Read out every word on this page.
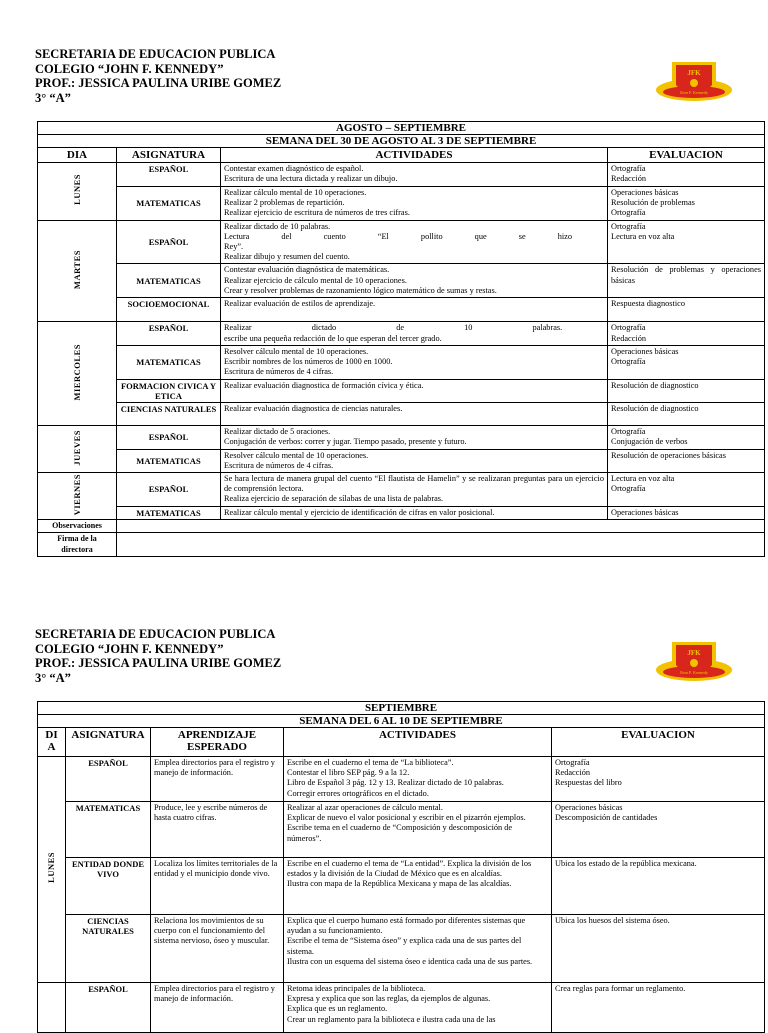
SECRETARIA DE EDUCACION PUBLICA
COLEGIO “JOHN F. KENNEDY”
PROF.: JESSICA PAULINA URIBE GOMEZ
3° “A”
JFK
Jhon F. Kennedy
AGOSTO – SEPTIEMBRE			
SEMANA DEL 30 DE AGOSTO AL 3 DE SEPTIEMBRE			
DIA	ASIGNATURA	ACTIVIDADES	EVALUACION
LUNES	ESPAÑOL	Contestar examen diagnóstico de español.
Escritura de una lectura dictada y realizar un dibujo.	Ortografía
Redacción

	MATEMATICAS	Realizar cálculo mental de 10 operaciones.
Realizar 2 problemas de repartición.
Realizar ejercicio de escritura de números de tres cifras.	Operaciones básicas
Resolución de problemas
Ortografía

MARTES	ESPAÑOL	Realizar dictado de 10 palabras.
Lectura del cuento “El pollito que se hizo Rey”.
Realizar dibujo y resumen del cuento.	Ortografía
Lectura en voz alta

	MATEMATICAS	Contestar evaluación diagnóstica de matemáticas.
Realizar ejercicio de cálculo mental de 10 operaciones.
Crear y resolver problemas de razonamiento lógico matemático de sumas y restas.	Resolución de problemas y operaciones básicas
	SOCIOEMOCIONAL	Realizar evaluación de estilos de aprendizaje.	Respuesta diagnostico
MIERCOLES	ESPAÑOL	Realizar dictado de 10 palabras.
escribe una pequeña redacción de lo que esperan del tercer grado.	Ortografía
Redacción

	MATEMATICAS	Resolver cálculo mental de 10 operaciones.
Escribir nombres de los números de 1000 en 1000.
Escritura de números de 4 cifras.	Operaciones básicas
Ortografía

	FORMACION CIVICA Y ETICA	Realizar evaluación diagnostica de formación cívica y ética.	Resolución de diagnostico
	CIENCIAS NATURALES	Realizar evaluación diagnostica de ciencias naturales.	Resolución de diagnostico
JUEVES	ESPAÑOL	Realizar dictado de 5 oraciones.
Conjugación de verbos: correr y jugar. Tiempo pasado, presente y futuro.	Ortografía
Conjugación de verbos

	MATEMATICAS	Resolver cálculo mental de 10 operaciones.
Escritura de números de 4 cifras.	Resolución de operaciones básicas
VIERNES	ESPAÑOL	Se hara lectura de manera grupal del cuento “El flautista de Hamelin” y se realizaran preguntas para un ejercicio de comprensión lectora.
Realiza ejercicio de separación de sílabas de una lista de palabras.	Lectura en voz alta
Ortografía

	MATEMATICAS	Realizar cálculo mental y ejercicio de identificación de cifras en valor posicional.	Operaciones básicas
Observaciones			
Firma de la directora			
SECRETARIA DE EDUCACION PUBLICA
COLEGIO “JOHN F. KENNEDY”
PROF.: JESSICA PAULINA URIBE GOMEZ
3° “A”
JFK
Jhon F. Kennedy
SEPTIEMBRE				
SEMANA DEL 6 AL 10 DE SEPTIEMBRE				
DIA	ASIGNATURA	APRENDIZAJE ESPERADO	ACTIVIDADES	EVALUACION
LUNES	ESPAÑOL	Emplea directorios para el registro y manejo de información.	Escribe en el cuaderno el tema de “La biblioteca”.
Contestar el libro SEP pág. 9 a la 12.
Libro de Español 3 pág. 12 y 13. Realizar dictado de 10 palabras.
Corregir errores ortográficos en el dictado.	Ortografía
Redacción
Respuestas del libro

	MATEMATICAS	Produce, lee y escribe números de hasta cuatro cifras.	Realizar al azar operaciones de cálculo mental.
Explicar de nuevo el valor posicional y escribir en el pizarrón ejemplos.
Escribe tema en el cuaderno de “Composición y descomposición de números”.	Operaciones básicas
Descomposición de cantidades

	ENTIDAD DONDE VIVO	Localiza los límites territoriales de la entidad y el municipio donde vivo.	Escribe en el cuaderno el tema de “La entidad”. Explica la división de los estados y la división de la Ciudad de México que es en alcaldías.
Ilustra con mapa de la República Mexicana y mapa de las alcaldías.	Ubica los estado de la república mexicana.
	CIENCIAS NATURALES	Relaciona los movimientos de su cuerpo con el funcionamiento del sistema nervioso, óseo y muscular.	Explica que el cuerpo humano está formado por diferentes sistemas que ayudan a su funcionamiento.
Escribe el tema de “Sistema óseo” y explica cada una de sus partes del sistema.
Ilustra con un esquema del sistema óseo e identica cada una de sus partes.	Ubica los huesos del sistema óseo.
	ESPAÑOL	Emplea directorios para el registro y manejo de información.	Retoma ideas principales de la biblioteca.
Expresa y explica que son las reglas, da ejemplos de algunas.
Explica que es un reglamento.
Crear un reglamento para la biblioteca e ilustra cada una de las	Crea reglas para formar un reglamento.
